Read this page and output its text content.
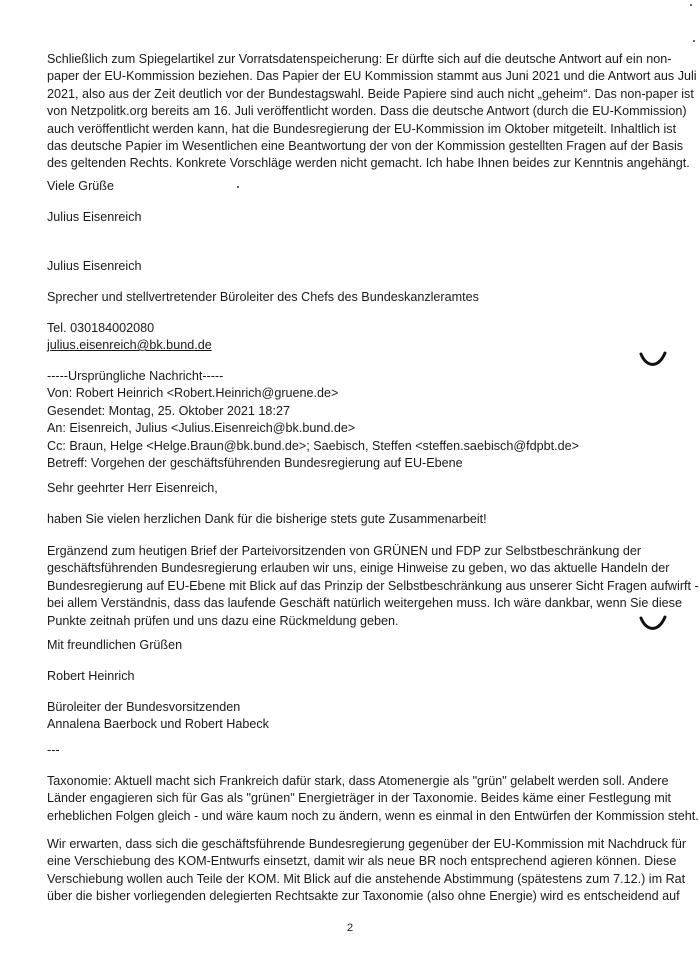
Schließlich zum Spiegelartikel zur Vorratsdatenspeicherung: Er dürfte sich auf die deutsche Antwort auf ein non-
paper der EU-Kommission beziehen. Das Papier der EU Kommission stammt aus Juni 2021 und die Antwort aus Juli
2021, also aus der Zeit deutlich vor der Bundestagswahl. Beide Papiere sind auch nicht „geheim“. Das non-paper ist
von Netzpolitk.org bereits am 16. Juli veröffentlicht worden. Dass die deutsche Antwort (durch die EU-Kommission)
auch veröffentlicht werden kann, hat die Bundesregierung der EU-Kommission im Oktober mitgeteilt. Inhaltlich ist
das deutsche Papier im Wesentlichen eine Beantwortung der von der Kommission gestellten Fragen auf der Basis
des geltenden Rechts. Konkrete Vorschläge werden nicht gemacht. Ich habe Ihnen beides zur Kenntnis angehängt.

Viele Grüße

Julius Eisenreich

Julius Eisenreich

Sprecher und stellvertretender Büroleiter des Chefs des Bundeskanzleramtes

Tel. 030184002080

julius.eisenreich@bk.bund.de

-----Ursprüngliche Nachricht-----
Von: Robert Heinrich <Robert.Heinrich@gruene.de>
Gesendet: Montag, 25. Oktober 2021 18:27
An: Eisenreich, Julius <Julius.Eisenreich@bk.bund.de>
Cc: Braun, Helge <Helge.Braun@bk.bund.de>; Saebisch, Steffen <steffen.saebisch@fdpbt.de>
Betreff: Vorgehen der geschäftsführenden Bundesregierung auf EU-Ebene

Sehr geehrter Herr Eisenreich,

haben Sie vielen herzlichen Dank für die bisherige stets gute Zusammenarbeit!

Ergänzend zum heutigen Brief der Parteivorsitzenden von GRÜNEN und FDP zur Selbstbeschränkung der
geschäftsführenden Bundesregierung erlauben wir uns, einige Hinweise zu geben, wo das aktuelle Handeln der
Bundesregierung auf EU-Ebene mit Blick auf das Prinzip der Selbstbeschränkung aus unserer Sicht Fragen aufwirft -
bei allem Verständnis, dass das laufende Geschäft natürlich weitergehen muss. Ich wäre dankbar, wenn Sie diese
Punkte zeitnah prüfen und uns dazu eine Rückmeldung geben.

Mit freundlichen Grüßen

Robert Heinrich

Büroleiter der Bundesvorsitzenden
Annalena Baerbock und Robert Habeck

---

Taxonomie: Aktuell macht sich Frankreich dafür stark, dass Atomenergie als "grün" gelabelt werden soll. Andere
Länder engagieren sich für Gas als "grünen" Energieträger in der Taxonomie. Beides käme einer Festlegung mit
erheblichen Folgen gleich - und wäre kaum noch zu ändern, wenn es einmal in den Entwürfen der Kommission steht.

Wir erwarten, dass sich die geschäftsführende Bundesregierung gegenüber der EU-Kommission mit Nachdruck für
eine Verschiebung des KOM-Entwurfs einsetzt, damit wir als neue BR noch entsprechend agieren können. Diese
Verschiebung wollen auch Teile der KOM. Mit Blick auf die anstehende Abstimmung (spätestens zum 7.12.) im Rat
über die bisher vorliegenden delegierten Rechtsakte zur Taxonomie (also ohne Energie) wird es entscheidend auf

2
